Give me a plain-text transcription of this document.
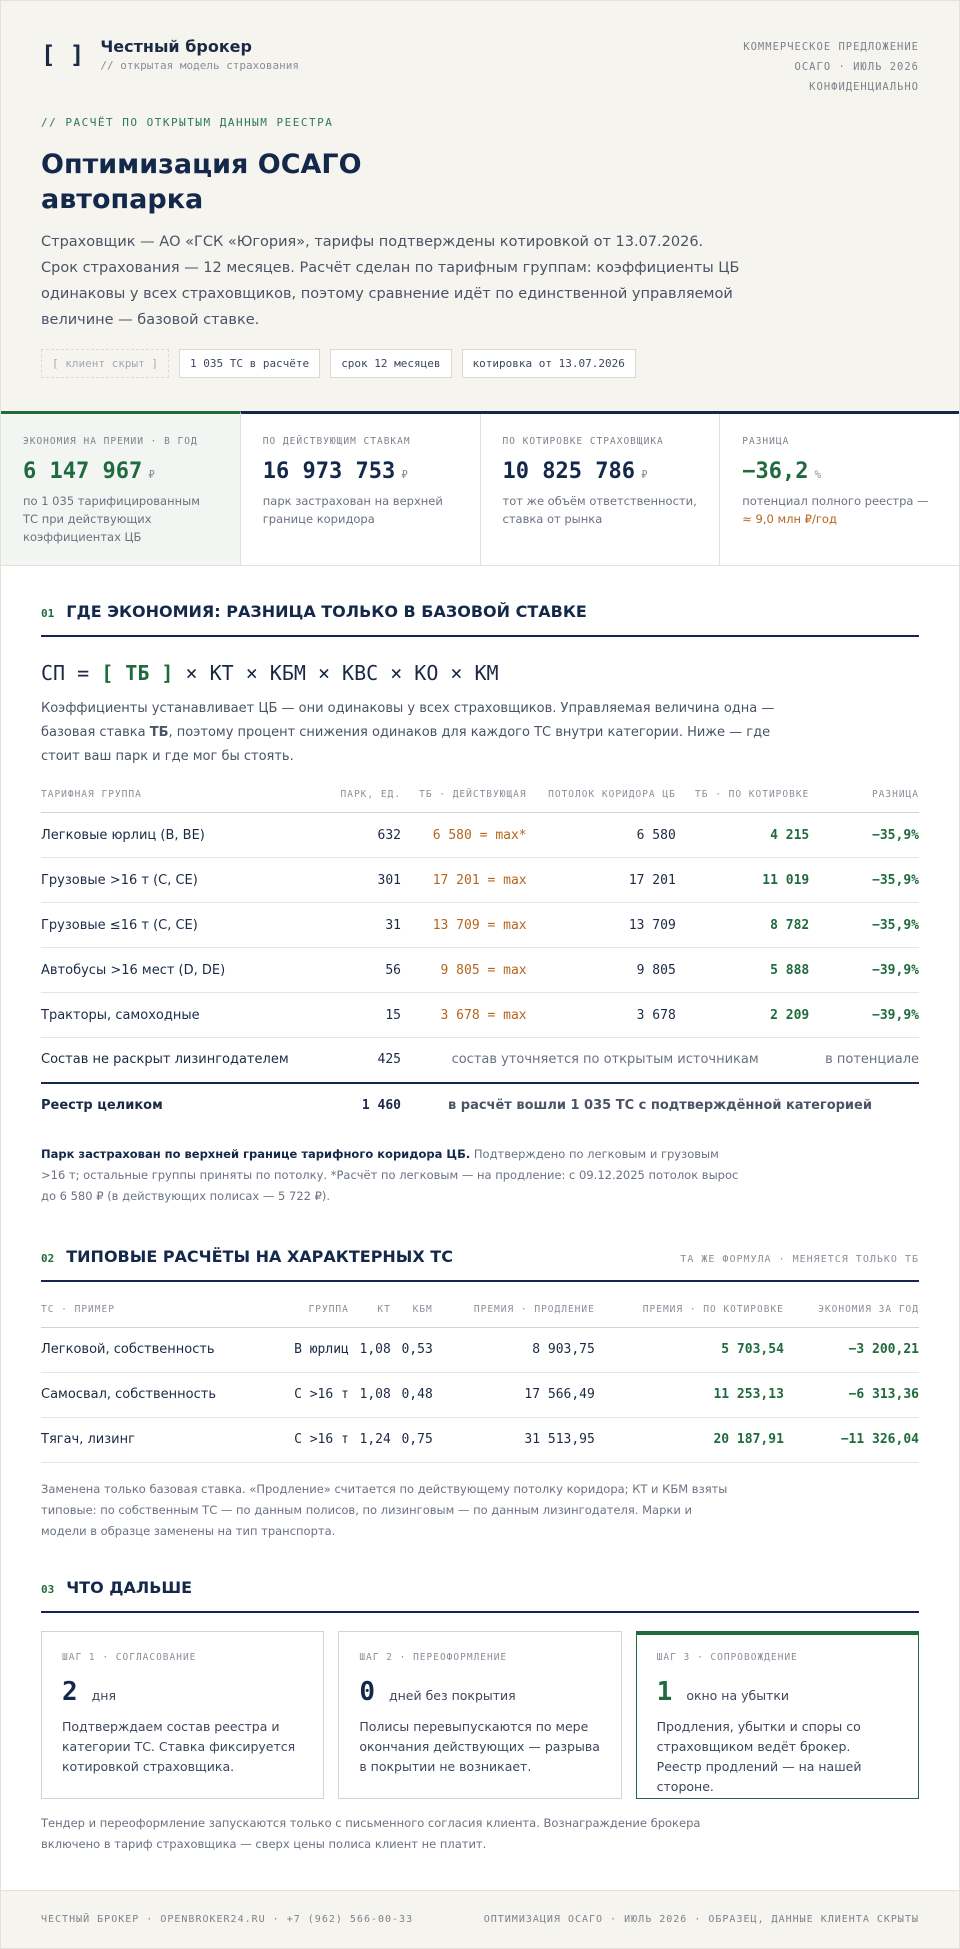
[ ] Честный брокер
// открытая модель страхования
КОММЕРЧЕСКОЕ ПРЕДЛОЖЕНИЕ
ОСАГО · ИЮЛЬ 2026
КОНФИДЕНЦИАЛЬНО
// РАСЧЁТ ПО ОТКРЫТЫМ ДАННЫМ РЕЕСТРА
Оптимизация ОСАГО автопарка
Страховщик — АО «ГСК «Югория», тарифы подтверждены котировкой от 13.07.2026. Срок страхования — 12 месяцев. Расчёт сделан по тарифным группам: коэффициенты ЦБ одинаковы у всех страховщиков, поэтому сравнение идёт по единственной управляемой величине — базовой ставке.
[ клиент скрыт ]	1 035 ТС в расчёте	срок 12 месяцев	котировка от 13.07.2026
ЭКОНОМИЯ НА ПРЕМИИ · В ГОД
6 147 967 ₽
по 1 035 тарифицированным ТС при действующих коэффициентах ЦБ
ПО ДЕЙСТВУЮЩИМ СТАВКАМ
16 973 753 ₽
парк застрахован на верхней границе коридора
ПО КОТИРОВКЕ СТРАХОВЩИКА
10 825 786 ₽
тот же объём ответственности, ставка от рынка
РАЗНИЦА
−36,2 %
потенциал полного реестра — ≈ 9,0 млн ₽/год
01 ГДЕ ЭКОНОМИЯ: РАЗНИЦА ТОЛЬКО В БАЗОВОЙ СТАВКЕ
СП = [ ТБ ] × КТ × КБМ × КВС × КО × КМ
Коэффициенты устанавливает ЦБ — они одинаковы у всех страховщиков. Управляемая величина одна — базовая ставка ТБ, поэтому процент снижения одинаков для каждого ТС внутри категории. Ниже — где стоит ваш парк и где мог бы стоять.
ТАРИФНАЯ ГРУППА	ПАРК, ЕД.	ТБ · ДЕЙСТВУЮЩАЯ	ПОТОЛОК КОРИДОРА ЦБ	ТБ · ПО КОТИРОВКЕ	РАЗНИЦА
Легковые юрлиц (B, BE)	632	6 580 = max*	6 580	4 215	−35,9%
Грузовые >16 т (C, CE)	301	17 201 = max	17 201	11 019	−35,9%
Грузовые ≤16 т (C, CE)	31	13 709 = max	13 709	8 782	−35,9%
Автобусы >16 мест (D, DE)	56	9 805 = max	9 805	5 888	−39,9%
Тракторы, самоходные	15	3 678 = max	3 678	2 209	−39,9%
Состав не раскрыт лизингодателем	425	состав уточняется по открытым источникам			в потенциале
Реестр целиком	1 460	в расчёт вошли 1 035 ТС с подтверждённой категорией			
Парк застрахован по верхней границе тарифного коридора ЦБ. Подтверждено по легковым и грузовым >16 т; остальные группы приняты по потолку. *Расчёт по легковым — на продление: с 09.12.2025 потолок вырос до 6 580 ₽ (в действующих полисах — 5 722 ₽).
02 ТИПОВЫЕ РАСЧЁТЫ НА ХАРАКТЕРНЫХ ТС	ТА ЖЕ ФОРМУЛА · МЕНЯЕТСЯ ТОЛЬКО ТБ
ТС · ПРИМЕР	ГРУППА	КТ	КБМ	ПРЕМИЯ · ПРОДЛЕНИЕ	ПРЕМИЯ · ПО КОТИРОВКЕ	ЭКОНОМИЯ ЗА ГОД
Легковой, собственность	В юрлиц	1,08	0,53	8 903,75	5 703,54	−3 200,21
Самосвал, собственность	С >16 т	1,08	0,48	17 566,49	11 253,13	−6 313,36
Тягач, лизинг	С >16 т	1,24	0,75	31 513,95	20 187,91	−11 326,04
Заменена только базовая ставка. «Продление» считается по действующему потолку коридора; КТ и КБМ взяты типовые: по собственным ТС — по данным полисов, по лизинговым — по данным лизингодателя. Марки и модели в образце заменены на тип транспорта.
03 ЧТО ДАЛЬШЕ
ШАГ 1 · СОГЛАСОВАНИЕ
2 дня
Подтверждаем состав реестра и категории ТС. Ставка фиксируется котировкой страховщика.
ШАГ 2 · ПЕРЕОФОРМЛЕНИЕ
0 дней без покрытия
Полисы перевыпускаются по мере окончания действующих — разрыва в покрытии не возникает.
ШАГ 3 · СОПРОВОЖДЕНИЕ
1 окно на убытки
Продления, убытки и споры со страховщиком ведёт брокер. Реестр продлений — на нашей стороне.
Тендер и переоформление запускаются только с письменного согласия клиента. Вознаграждение брокера включено в тариф страховщика — сверх цены полиса клиент не платит.
ЧЕСТНЫЙ БРОКЕР · OPENBROKER24.RU · +7 (962) 566-00-33	ОПТИМИЗАЦИЯ ОСАГО · ИЮЛЬ 2026 · ОБРАЗЕЦ, ДАННЫЕ КЛИЕНТА СКРЫТЫ
